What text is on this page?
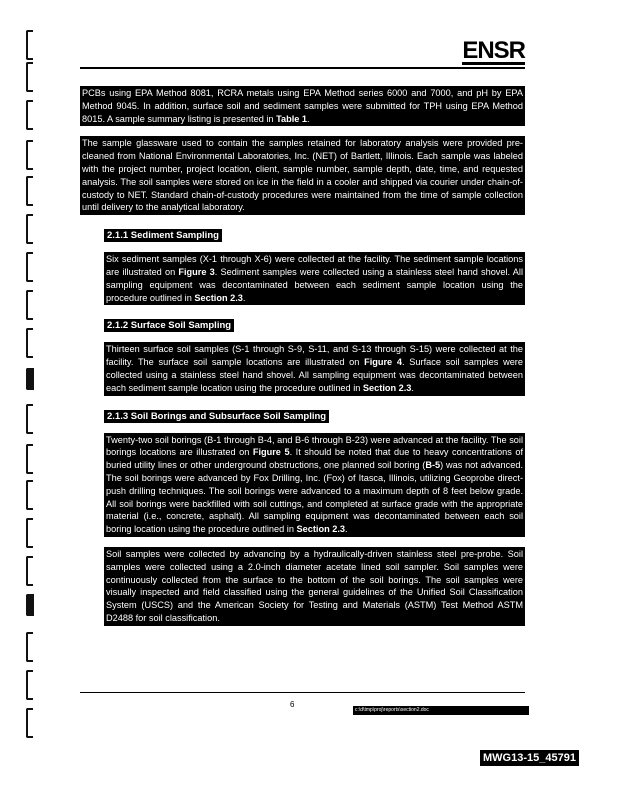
ENSR
PCBs using EPA Method 8081, RCRA metals using EPA Method series 6000 and 7000, and pH by EPA Method 9045. In addition, surface soil and sediment samples were submitted for TPH using EPA Method 8015. A sample summary listing is presented in Table 1.
The sample glassware used to contain the samples retained for laboratory analysis were provided pre-cleaned from National Environmental Laboratories, Inc. (NET) of Bartlett, Illinois. Each sample was labeled with the project number, project location, client, sample number, sample depth, date, time, and requested analysis. The soil samples were stored on ice in the field in a cooler and shipped via courier under chain-of-custody to NET. Standard chain-of-custody procedures were maintained from the time of sample collection until delivery to the analytical laboratory.
2.1.1 Sediment Sampling
Six sediment samples (X-1 through X-6) were collected at the facility. The sediment sample locations are illustrated on Figure 3. Sediment samples were collected using a stainless steel hand shovel. All sampling equipment was decontaminated between each sediment sample location using the procedure outlined in Section 2.3.
2.1.2 Surface Soil Sampling
Thirteen surface soil samples (S-1 through S-9, S-11, and S-13 through S-15) were collected at the facility. The surface soil sample locations are illustrated on Figure 4. Surface soil samples were collected using a stainless steel hand shovel. All sampling equipment was decontaminated between each sediment sample location using the procedure outlined in Section 2.3.
2.1.3 Soil Borings and Subsurface Soil Sampling
Twenty-two soil borings (B-1 through B-4, and B-6 through B-23) were advanced at the facility. The soil borings locations are illustrated on Figure 5. It should be noted that due to heavy concentrations of buried utility lines or other underground obstructions, one planned soil boring (B-5) was not advanced. The soil borings were advanced by Fox Drilling, Inc. (Fox) of Itasca, Illinois, utilizing Geoprobe direct-push drilling techniques. The soil borings were advanced to a maximum depth of 8 feet below grade. All soil borings were backfilled with soil cuttings, and completed at surface grade with the appropriate material (i.e., concrete, asphalt). All sampling equipment was decontaminated between each soil boring location using the procedure outlined in Section 2.3.
Soil samples were collected by advancing by a hydraulically-driven stainless steel pre-probe. Soil samples were collected using a 2.0-inch diameter acetate lined soil sampler. Soil samples were continuously collected from the surface to the bottom of the soil borings. The soil samples were visually inspected and field classified using the general guidelines of the Unified Soil Classification System (USCS) and the American Society for Testing and Materials (ASTM) Test Method ASTM D2488 for soil classification.
6
c:\d\tmp\proj\reports\section2.doc
MWG13-15_45791
